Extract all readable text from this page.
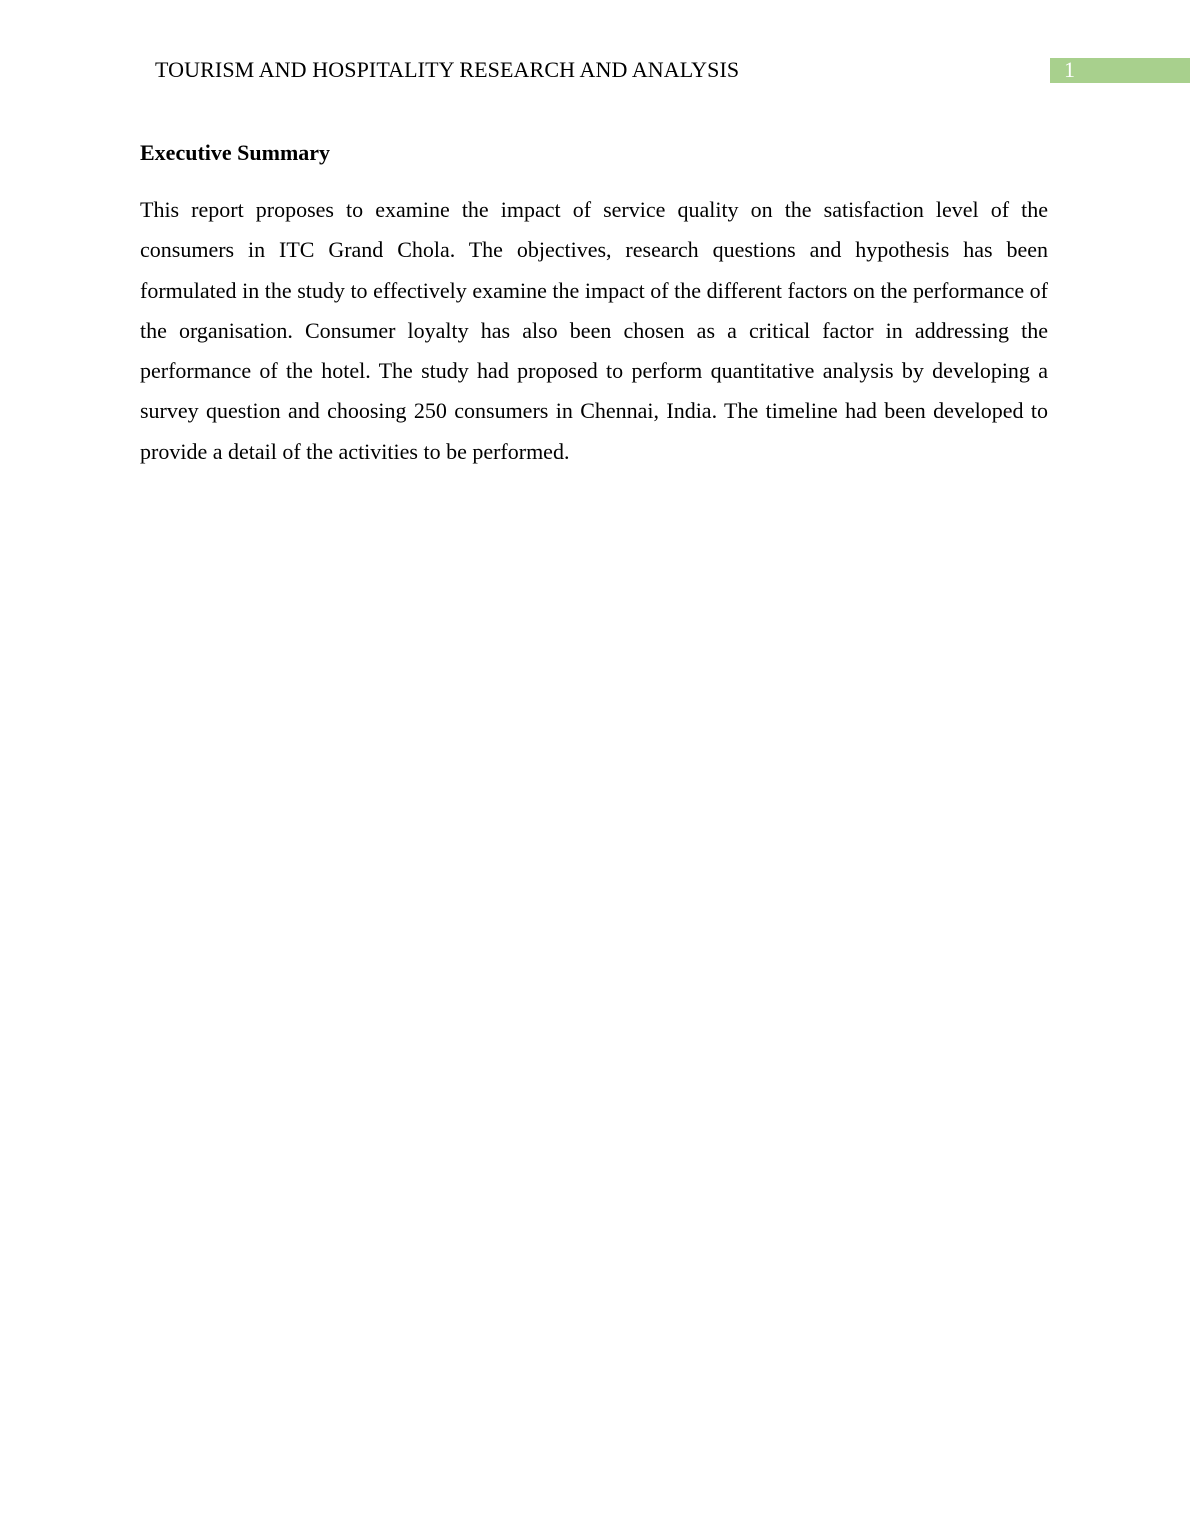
TOURISM AND HOSPITALITY RESEARCH AND ANALYSIS	1
Executive Summary

This report proposes to examine the impact of service quality on the satisfaction level of the consumers in ITC Grand Chola. The objectives, research questions and hypothesis has been formulated in the study to effectively examine the impact of the different factors on the performance of the organisation. Consumer loyalty has also been chosen as a critical factor in addressing the performance of the hotel. The study had proposed to perform quantitative analysis by developing a survey question and choosing 250 consumers in Chennai, India. The timeline had been developed to provide a detail of the activities to be performed.
